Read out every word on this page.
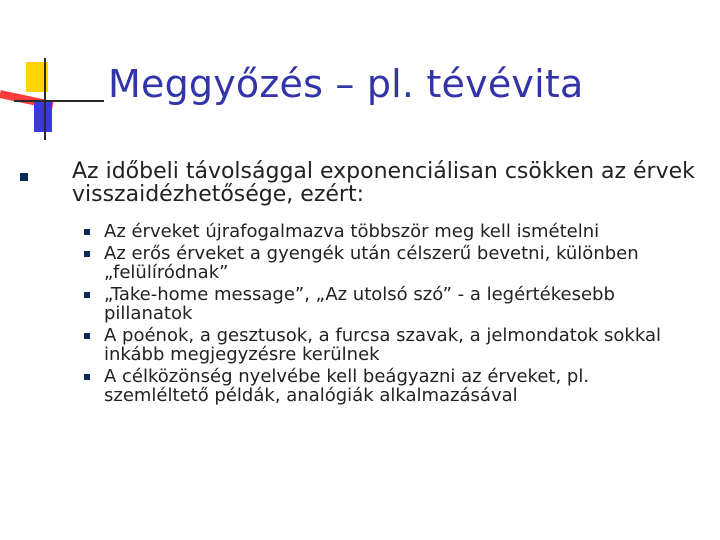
Meggyőzés – pl. tévévita
Az időbeli távolsággal exponenciálisan csökken az érvek visszaidézhetősége, ezért:
Az érveket újrafogalmazva többször meg kell ismételni
Az erős érveket a gyengék után célszerű bevetni, különben „felülíródnak”
„Take-home message”, „Az utolsó szó” - a legértékesebb pillanatok
A poénok, a gesztusok, a furcsa szavak, a jelmondatok sokkal inkább megjegyzésre kerülnek
A célközönség nyelvébe kell beágyazni az érveket, pl. szemléltető példák, analógiák alkalmazásával
